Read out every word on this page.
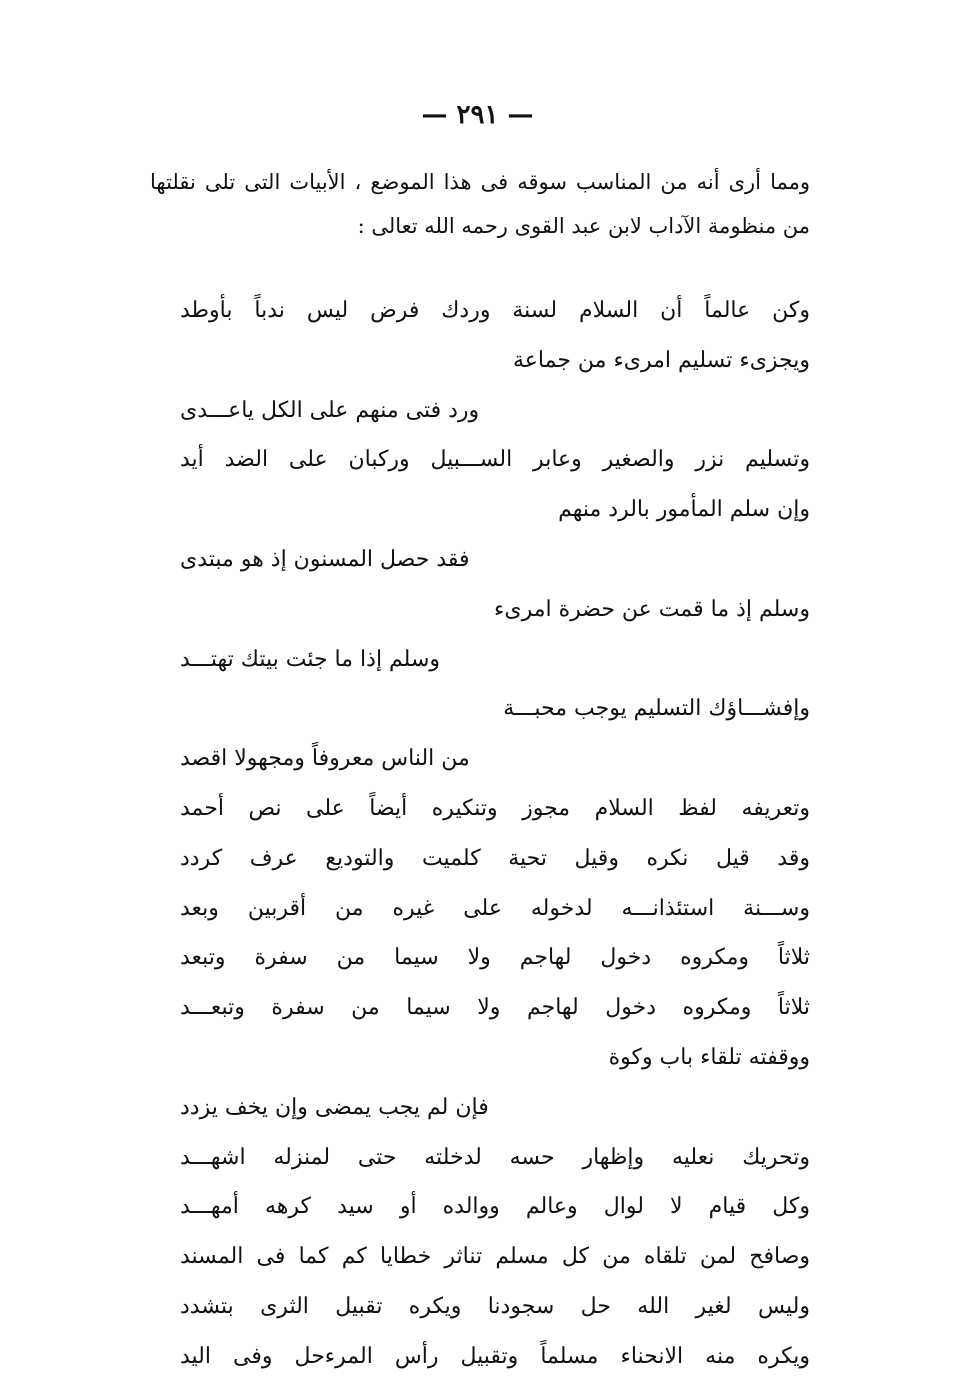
— ٢٩١ —
ومما أرى أنه من المناسب سوقه فى هذا الموضع ، الأبيات التى تلى نقلتها من منظومة الآداب لابن عبد القوى رحمه الله تعالى :
وكن عالماً أن السلام لسنة وردك فرض ليس ندباً بأوطد
ويجزىء تسليم امرىء من جماعة
ورد فتى منهم على الكل ياعـــدى
وتسليم نزر والصغير وعابر الســـبيل وركبان على الضد أيد
وإن سلم المأمور بالرد منهم
فقد حصل المسنون إذ هو مبتدى
وسلم إذ ما قمت عن حضرة امرىء
وسلم إذا ما جئت بيتك تهتـــد
وإفشـــاؤك التسليم يوجب محبـــة
من الناس معروفاً ومجهولا اقصد
وتعريفه لفظ السلام مجوز وتنكيره أيضاً على نص أحمد
وقد قيل نكره وقيل تحية كلميت والتوديع عرف كردد
وســـنة استئذانـــه لدخوله على غيره من أقربين وبعد
ثلاثاً ومكروه دخول لهاجم ولا سيما من سفرة وتبعد
ثلاثاً ومكروه دخول لهاجم ولا سيما من سفرة وتبعـــد
ووقفته تلقاء باب وكوة
فإن لم يجب يمضى وإن يخف يزدد
وتحريك نعليه وإظهار حسه لدخلته حتى لمنزله اشهـــد
وكل قيام لا لوال وعالم ووالده أو سيد كرهه أمهـــد
وصافح لمن تلقاه من كل مسلم تناثر خطايا كم كما فى المسند
وليس لغير الله حل سجودنا ويكره تقبيل الثرى بتشدد
ويكره منه الانحناء مسلماً وتقبيل رأس المرءحل وفى اليد
